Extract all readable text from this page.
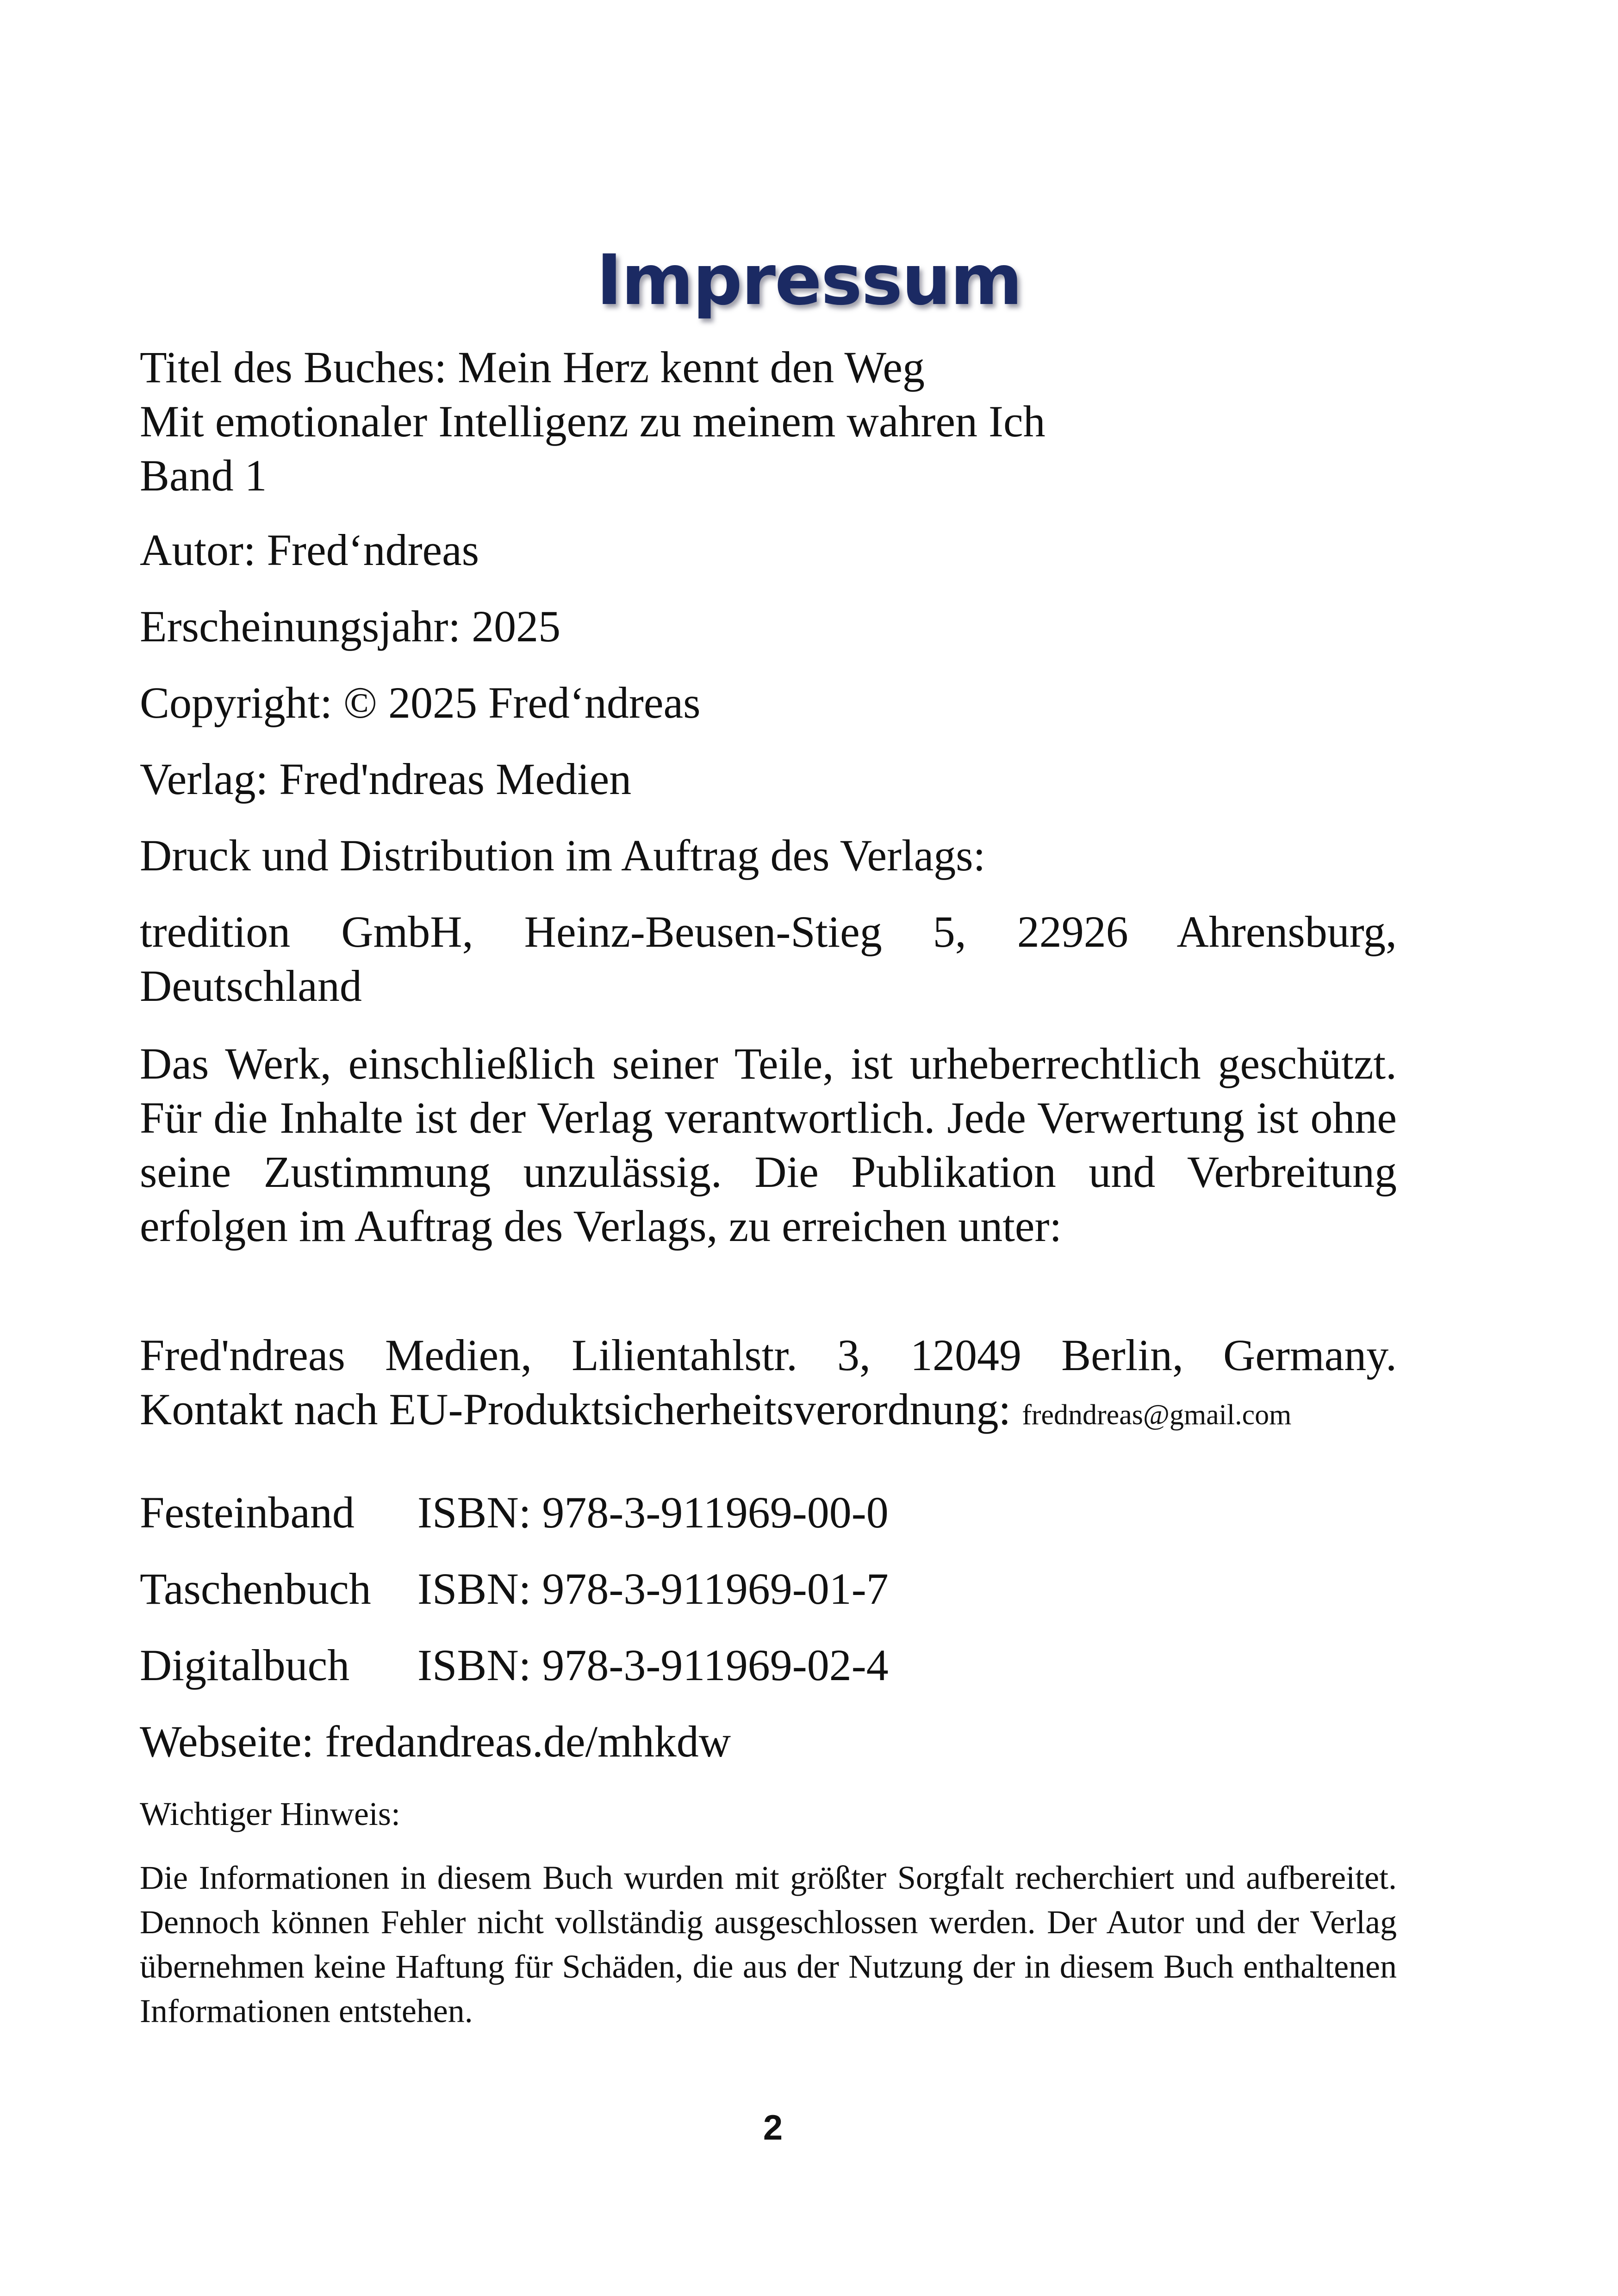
Impressum
Titel des Buches: Mein Herz kennt den Weg
Mit emotionaler Intelligenz zu meinem wahren Ich
Band 1
Autor: Fred‘ndreas
Erscheinungsjahr: 2025
Copyright: © 2025 Fred‘ndreas
Verlag: Fred'ndreas Medien
Druck und Distribution im Auftrag des Verlags:

tredition GmbH, Heinz-Beusen-Stieg 5, 22926 Ahrensburg, Deutschland

Das Werk, einschließlich seiner Teile, ist urheberrechtlich geschützt. Für die Inhalte ist der Verlag verantwortlich. Jede Verwertung ist ohne seine Zustimmung unzulässig. Die Publikation und Verbreitung erfolgen im Auftrag des Verlags, zu erreichen unter:

Fred'ndreas Medien, Lilientahlstr. 3, 12049 Berlin, Germany.
Kontakt nach EU-Produktsicherheitsverordnung: fredndreas@gmail.com
Festeinband ISBN: 978-3-911969-00-0
Taschenbuch ISBN: 978-3-911969-01-7
Digitalbuch ISBN: 978-3-911969-02-4
Webseite: fredandreas.de/mhkdw
Wichtiger Hinweis:

Die Informationen in diesem Buch wurden mit größter Sorgfalt recherchiert und aufbereitet. Dennoch können Fehler nicht vollständig ausgeschlossen werden. Der Autor und der Verlag übernehmen keine Haftung für Schäden, die aus der Nutzung der in diesem Buch enthaltenen Informationen entstehen.

2
